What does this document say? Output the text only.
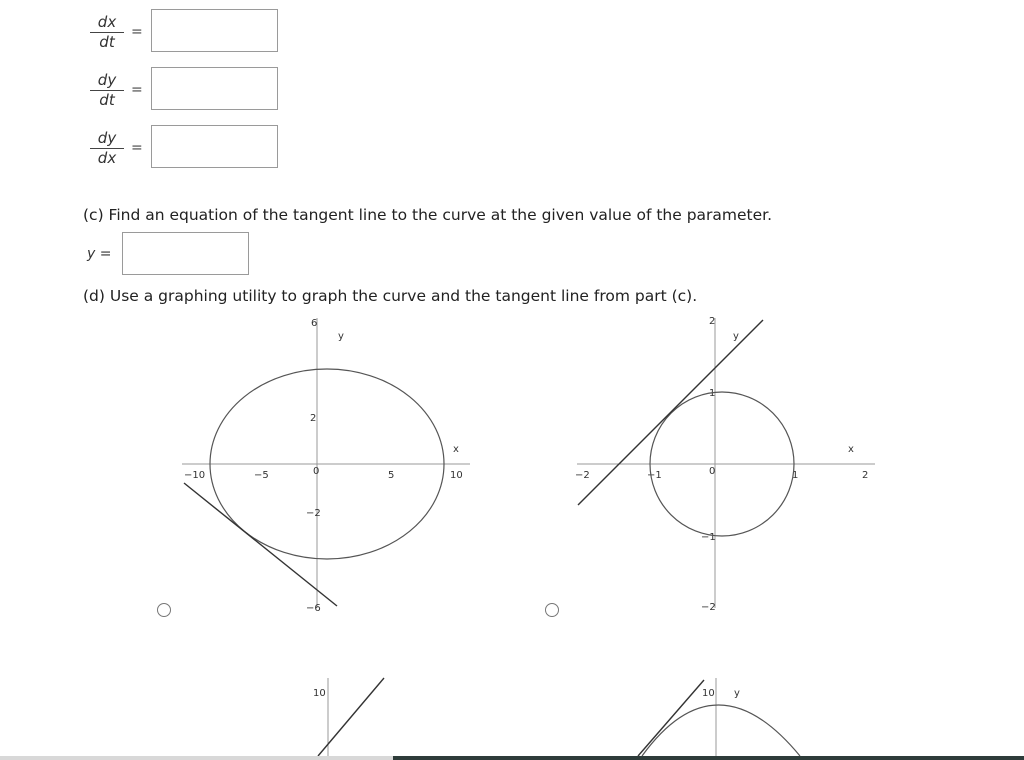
$\frac{dx}{dt}$ =
$\frac{dy}{dt}$ =
$\frac{dy}{dx}$ =
(c) Find an equation of the tangent line to the curve at the given value of the parameter.
y =
(d) Use a graphing utility to graph the curve and the tangent line from part (c).
x
y
−10	−5	0	5	10
6
2
−2
−6
x
y
−2	−1	0	1	2
2
1
−1
−2
10	10 y
